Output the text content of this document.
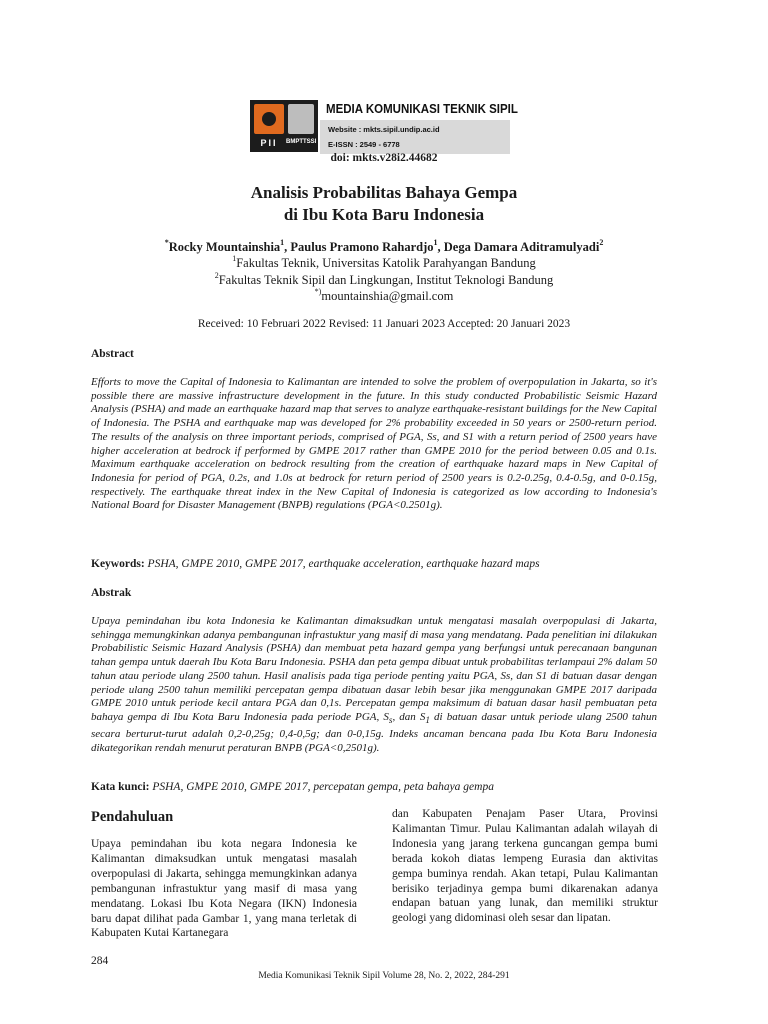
PII	BMPTTSSI
MEDIA KOMUNIKASI TEKNIK SIPIL
Website : mkts.sipil.undip.ac.id
E-ISSN : 2549 - 6778
doi: mkts.v28i2.44682
Analisis Probabilitas Bahaya Gempa
di Ibu Kota Baru Indonesia
*Rocky Mountainshia$^1$, Paulus Pramono Rahardjo$^1$, Dega Damara Aditramulyadi$^2$
$^1$Fakultas Teknik, Universitas Katolik Parahyangan Bandung
$^2$Fakultas Teknik Sipil dan Lingkungan, Institut Teknologi Bandung
*)mountainshia@gmail.com
Received: 10 Februari 2022 Revised: 11 Januari 2023 Accepted: 20 Januari 2023
Abstract
Efforts to move the Capital of Indonesia to Kalimantan are intended to solve the problem of overpopulation in Jakarta, so it's possible there are massive infrastructure development in the future. In this study conducted Probabilistic Seismic Hazard Analysis (PSHA) and made an earthquake hazard map that serves to analyze earthquake-resistant buildings for the New Capital of Indonesia. The PSHA and earthquake map was developed for 2% probability exceeded in 50 years or 2500-return period. The results of the analysis on three important periods, comprised of PGA, Ss, and S1 with a return period of 2500 years have higher acceleration at bedrock if performed by GMPE 2017 rather than GMPE 2010 for the period between 0.05 and 0.1s. Maximum earthquake acceleration on bedrock resulting from the creation of earthquake hazard maps in New Capital of Indonesia for period of PGA, 0.2s, and 1.0s at bedrock for return period of 2500 years is 0.2-0.25g, 0.4-0.5g, and 0-0.15g, respectively. The earthquake threat index in the New Capital of Indonesia is categorized as low according to Indonesia's National Board for Disaster Management (BNPB) regulations (PGA<0.2501g).
Keywords: PSHA, GMPE 2010, GMPE 2017, earthquake acceleration, earthquake hazard maps
Abstrak
Upaya pemindahan ibu kota Indonesia ke Kalimantan dimaksudkan untuk mengatasi masalah overpopulasi di Jakarta, sehingga memungkinkan adanya pembangunan infrastuktur yang masif di masa yang mendatang. Pada penelitian ini dilakukan Probabilistic Seismic Hazard Analysis (PSHA) dan membuat peta hazard gempa yang berfungsi untuk perecanaan bangunan tahan gempa untuk daerah Ibu Kota Baru Indonesia. PSHA dan peta gempa dibuat untuk probabilitas terlampaui 2% dalam 50 tahun atau periode ulang 2500 tahun. Hasil analisis pada tiga periode penting yaitu PGA, Ss, dan S1 di batuan dasar dengan periode ulang 2500 tahun memiliki percepatan gempa dibatuan dasar lebih besar jika menggunakan GMPE 2017 daripada GMPE 2010 untuk periode kecil antara PGA dan 0,1s. Percepatan gempa maksimum di batuan dasar hasil pembuatan peta bahaya gempa di Ibu Kota Baru Indonesia pada periode PGA, $S_s$, dan $S_1$ di batuan dasar untuk periode ulang 2500 tahun secara berturut-turut adalah 0,2-0,25g; 0,4-0,5g; dan 0-0,15g. Indeks ancaman bencana pada Ibu Kota Baru Indonesia dikategorikan rendah menurut peraturan BNPB (PGA<0,2501g).
Kata kunci: PSHA, GMPE 2010, GMPE 2017, percepatan gempa, peta bahaya gempa
Pendahuluan
Upaya pemindahan ibu kota negara Indonesia ke Kalimantan dimaksudkan untuk mengatasi masalah overpopulasi di Jakarta, sehingga memungkinkan adanya pembangunan infrastuktur yang masif di masa yang mendatang. Lokasi Ibu Kota Negara (IKN) Indonesia baru dapat dilihat pada Gambar 1, yang mana terletak di Kabupaten Kutai Kartanegara
dan Kabupaten Penajam Paser Utara, Provinsi Kalimantan Timur. Pulau Kalimantan adalah wilayah di Indonesia yang jarang terkena guncangan gempa bumi berada kokoh diatas lempeng Eurasia dan aktivitas gempa buminya rendah. Akan tetapi, Pulau Kalimantan berisiko terjadinya gempa bumi dikarenakan adanya endapan batuan yang lunak, dan memiliki struktur geologi yang didominasi oleh sesar dan lipatan.
284
Media Komunikasi Teknik Sipil Volume 28, No. 2, 2022, 284-291
